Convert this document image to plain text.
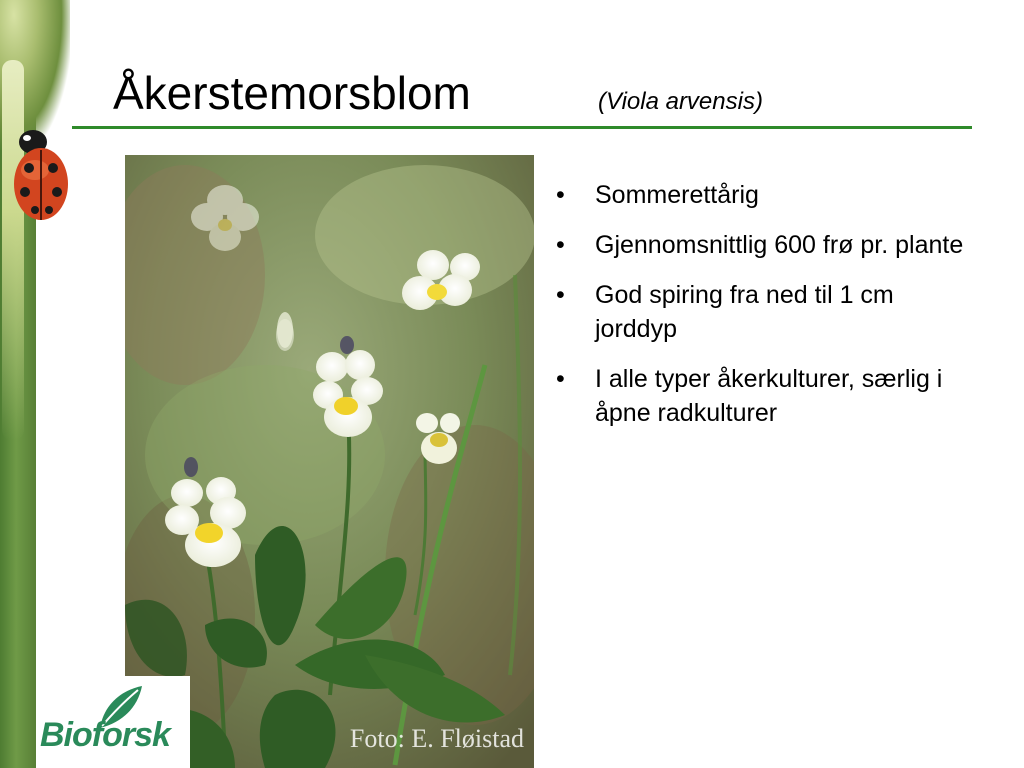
Åkerstemorsblom	(Viola arvensis)
Foto: E. Fløistad
• Sommerettårig
• Gjennomsnittlig 600 frø pr. plante
• God spiring fra ned til 1 cm jorddyp
• I alle typer åkerkulturer, særlig i åpne radkulturer
Bioforsk
